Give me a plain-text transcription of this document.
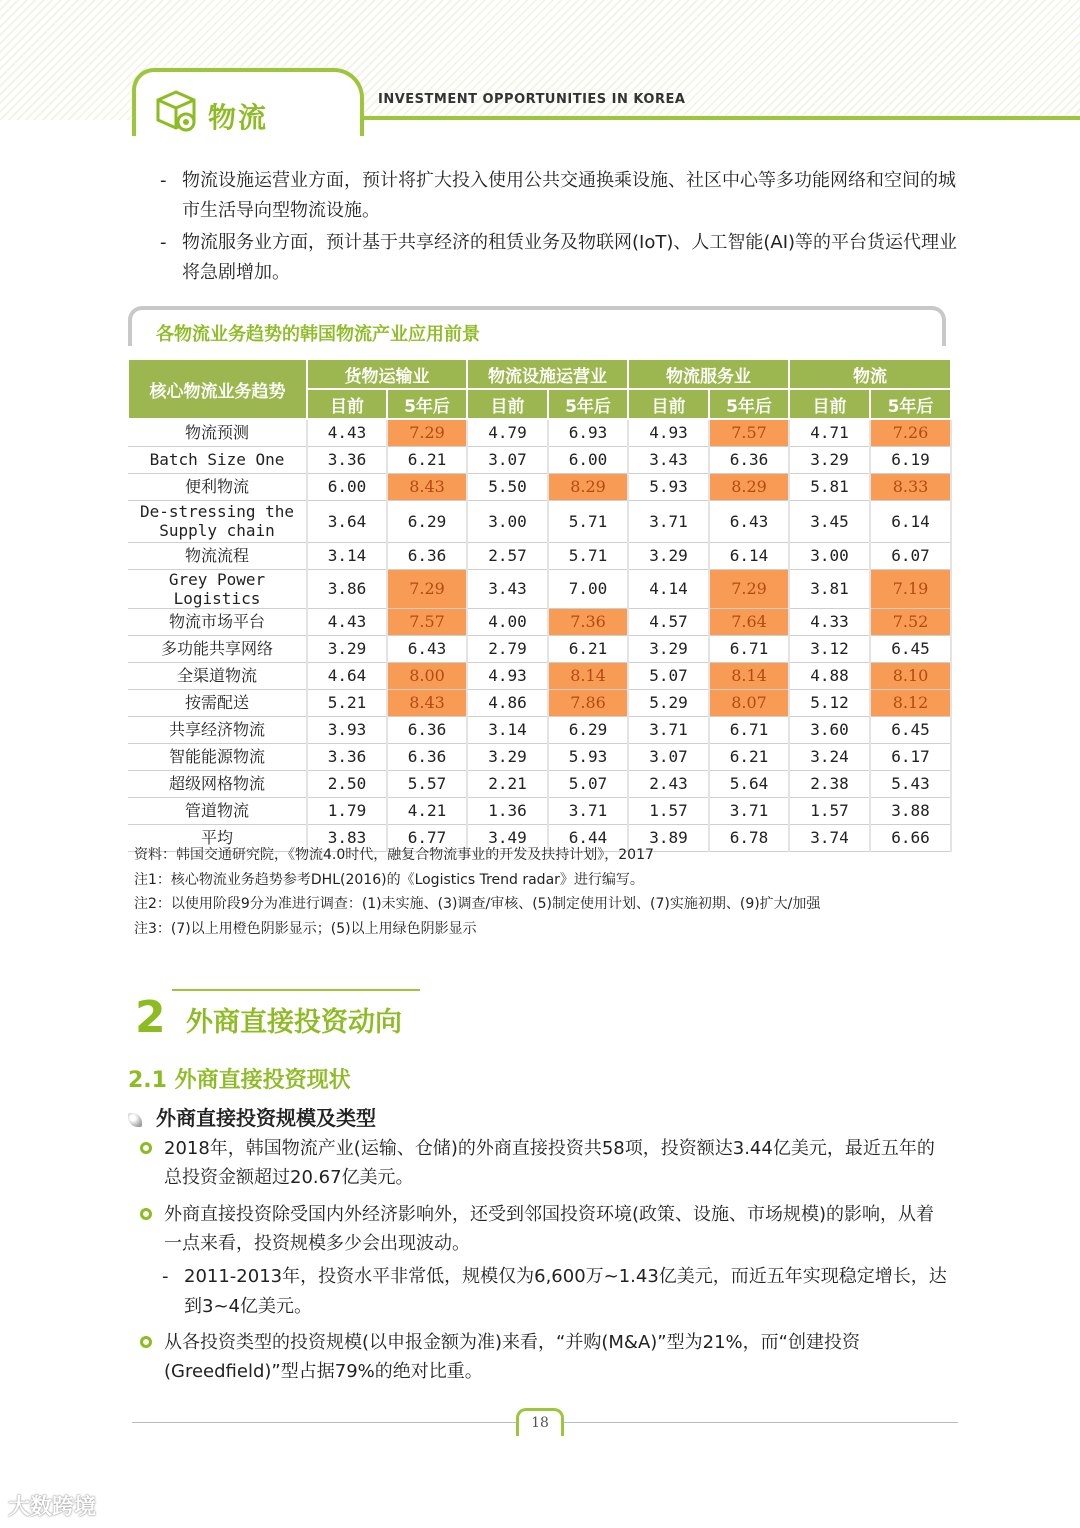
物流
INVESTMENT OPPORTUNITIES IN KOREA
- 物流设施运营业方面，预计将扩大投入使用公共交通换乘设施、社区中心等多功能网络和空间的城市生活导向型物流设施。
- 物流服务业方面，预计基于共享经济的租赁业务及物联网(IoT)、人工智能(AI)等的平台货运代理业将急剧增加。
各物流业务趋势的韩国物流产业应用前景
核心物流业务趋势	货物运输业		物流设施运营业		物流服务业		物流	
	目前	5年后	目前	5年后	目前	5年后	目前	5年后
物流预测	4.43	7.29	4.79	6.93	4.93	7.57	4.71	7.26
Batch Size One	3.36	6.21	3.07	6.00	3.43	6.36	3.29	6.19
便利物流	6.00	8.43	5.50	8.29	5.93	8.29	5.81	8.33
De-stressing the Supply chain	3.64	6.29	3.00	5.71	3.71	6.43	3.45	6.14
物流流程	3.14	6.36	2.57	5.71	3.29	6.14	3.00	6.07
Grey Power Logistics	3.86	7.29	3.43	7.00	4.14	7.29	3.81	7.19
物流市场平台	4.43	7.57	4.00	7.36	4.57	7.64	4.33	7.52
多功能共享网络	3.29	6.43	2.79	6.21	3.29	6.71	3.12	6.45
全渠道物流	4.64	8.00	4.93	8.14	5.07	8.14	4.88	8.10
按需配送	5.21	8.43	4.86	7.86	5.29	8.07	5.12	8.12
共享经济物流	3.93	6.36	3.14	6.29	3.71	6.71	3.60	6.45
智能能源物流	3.36	6.36	3.29	5.93	3.07	6.21	3.24	6.17
超级网格物流	2.50	5.57	2.21	5.07	2.43	5.64	2.38	5.43
管道物流	1.79	4.21	1.36	3.71	1.57	3.71	1.57	3.88
平均	3.83	6.77	3.49	6.44	3.89	6.78	3.74	6.66
资料：韩国交通研究院，《物流4.0时代，融复合物流事业的开发及扶持计划》，2017
注1：核心物流业务趋势参考DHL(2016)的《Logistics Trend radar》进行编写。
注2：以使用阶段9分为准进行调查：(1)未实施、(3)调查/审核、(5)制定使用计划、(7)实施初期、(9)扩大/加强
注3：(7)以上用橙色阴影显示；(5)以上用绿色阴影显示
2 外商直接投资动向
2.1 外商直接投资现状
外商直接投资规模及类型
2018年，韩国物流产业(运输、仓储)的外商直接投资共58项，投资额达3.44亿美元，最近五年的总投资金额超过20.67亿美元。
外商直接投资除受国内外经济影响外，还受到邻国投资环境(政策、设施、市场规模)的影响，从着一点来看，投资规模多少会出现波动。
- 2011-2013年，投资水平非常低，规模仅为6,600万~1.43亿美元，而近五年实现稳定增长，达到3~4亿美元。
从各投资类型的投资规模(以申报金额为准)来看，“并购(M&A)”型为21%，而“创建投资(Greedfield)”型占据79%的绝对比重。
18
大数跨境
